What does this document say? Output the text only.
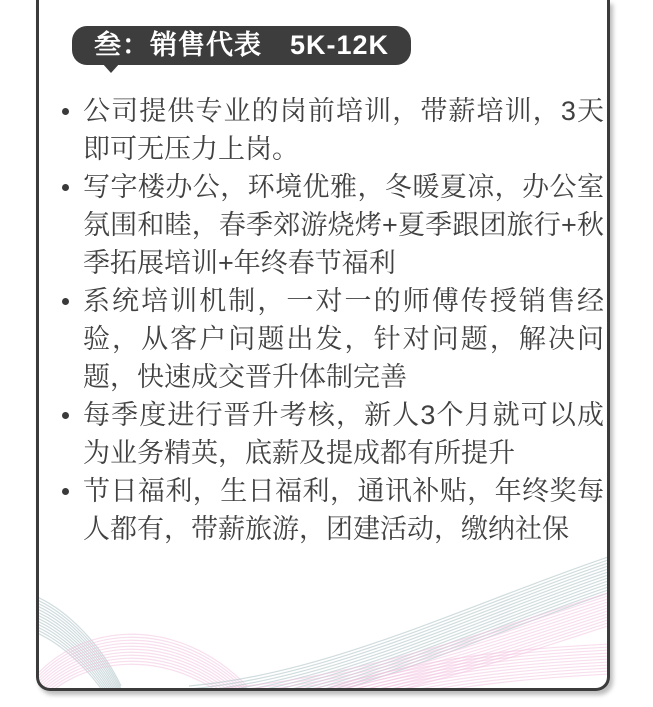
叁：销售代表　5K-12K

公司提供专业的岗前培训，带薪培训，3天即可无压力上岗。

写字楼办公，环境优雅，冬暖夏凉，办公室氛围和睦，春季郊游烧烤+夏季跟团旅行+秋季拓展培训+年终春节福利

系统培训机制，一对一的师傅传授销售经验，从客户问题出发，针对问题，解决问题，快速成交晋升体制完善

每季度进行晋升考核，新人3个月就可以成为业务精英，底薪及提成都有所提升

节日福利，生日福利，通讯补贴，年终奖每人都有，带薪旅游，团建活动，缴纳社保
